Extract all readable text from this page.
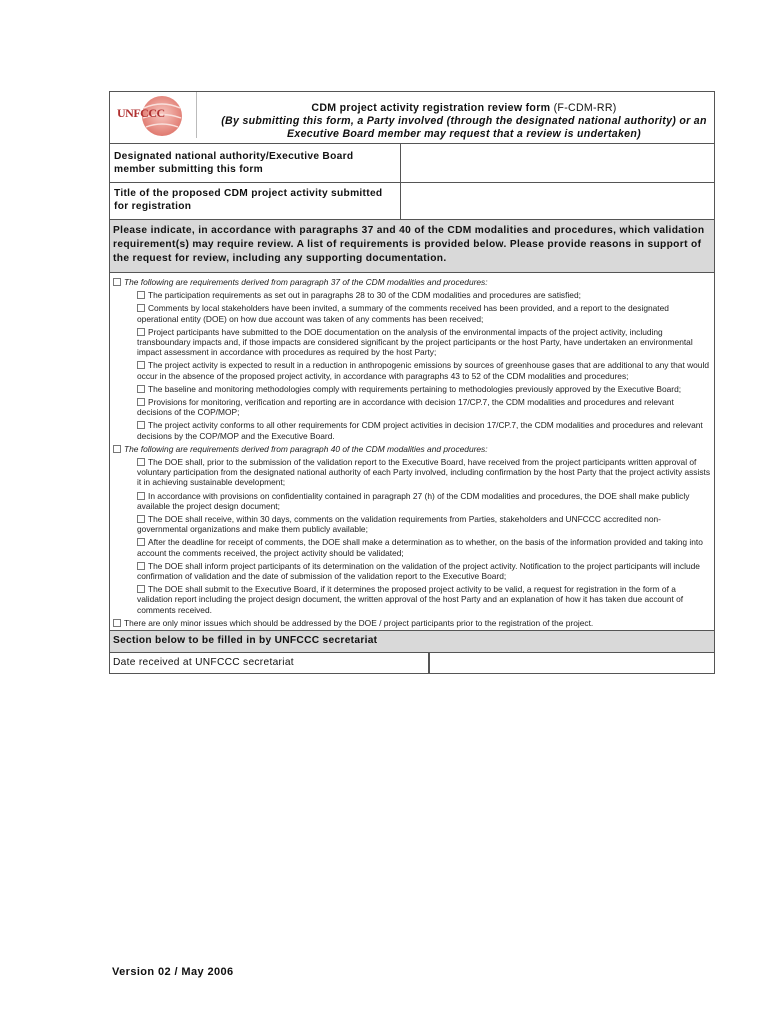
UNFCCC	CDM project activity registration review form (F-CDM-RR)
(By submitting this form, a Party involved (through the designated national authority) or an Executive Board member may request that a review is undertaken)
Designated national authority/Executive Board member submitting this form
Title of the proposed CDM project activity submitted for registration
Please indicate, in accordance with paragraphs 37 and 40 of the CDM modalities and procedures, which validation requirement(s) may require review. A list of requirements is provided below. Please provide reasons in support of the request for review, including any supporting documentation.
The following are requirements derived from paragraph 37 of the CDM modalities and procedures:
The participation requirements as set out in paragraphs 28 to 30 of the CDM modalities and procedures are satisfied;
Comments by local stakeholders have been invited, a summary of the comments received has been provided, and a report to the designated operational entity (DOE) on how due account was taken of any comments has been received;
Project participants have submitted to the DOE documentation on the analysis of the environmental impacts of the project activity, including transboundary impacts and, if those impacts are considered significant by the project participants or the host Party, have undertaken an environmental impact assessment in accordance with procedures as required by the host Party;
The project activity is expected to result in a reduction in anthropogenic emissions by sources of greenhouse gases that are additional to any that would occur in the absence of the proposed project activity, in accordance with paragraphs 43 to 52 of the CDM modalities and procedures;
The baseline and monitoring methodologies comply with requirements pertaining to methodologies previously approved by the Executive Board;
Provisions for monitoring, verification and reporting are in accordance with decision 17/CP.7, the CDM modalities and procedures and relevant decisions of the COP/MOP;
The project activity conforms to all other requirements for CDM project activities in decision 17/CP.7, the CDM modalities and procedures and relevant decisions by the COP/MOP and the Executive Board.
The following are requirements derived from paragraph 40 of the CDM modalities and procedures:
The DOE shall, prior to the submission of the validation report to the Executive Board, have received from the project participants written approval of voluntary participation from the designated national authority of each Party involved, including confirmation by the host Party that the project activity assists it in achieving sustainable development;
In accordance with provisions on confidentiality contained in paragraph 27 (h) of the CDM modalities and procedures, the DOE shall make publicly available the project design document;
The DOE shall receive, within 30 days, comments on the validation requirements from Parties, stakeholders and UNFCCC accredited non-governmental organizations and make them publicly available;
After the deadline for receipt of comments, the DOE shall make a determination as to whether, on the basis of the information provided and taking into account the comments received, the project activity should be validated;
The DOE shall inform project participants of its determination on the validation of the project activity. Notification to the project participants will include confirmation of validation and the date of submission of the validation report to the Executive Board;
The DOE shall submit to the Executive Board, if it determines the proposed project activity to be valid, a request for registration in the form of a validation report including the project design document, the written approval of the host Party and an explanation of how it has taken due account of comments received.
There are only minor issues which should be addressed by the DOE / project participants prior to the registration of the project.
Section below to be filled in by UNFCCC secretariat
Date received at UNFCCC secretariat
Version 02 / May 2006
